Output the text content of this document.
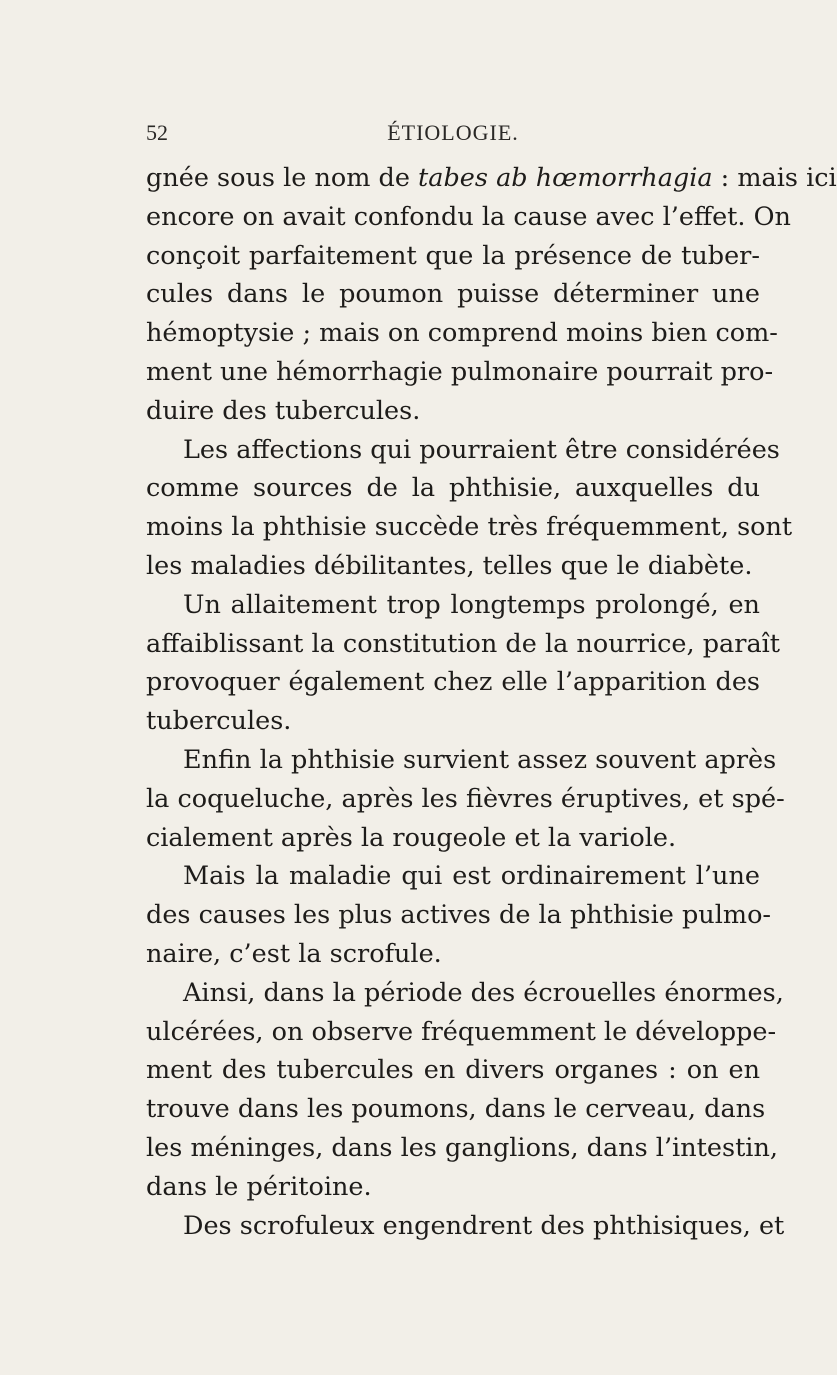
52	ÉTIOLOGIE.
gnée sous le nom de tabes ab hœmorrhagia : mais ici
encore on avait confondu la cause avec l’effet. On
conçoit parfaitement que la présence de tuber-
cules dans le poumon puisse déterminer une
hémoptysie ; mais on comprend moins bien com-
ment une hémorrhagie pulmonaire pourrait pro-
duire des tubercules.
Les affections qui pourraient être considérées
comme sources de la phthisie, auxquelles du
moins la phthisie succède très fréquemment, sont
les maladies débilitantes, telles que le diabète.
Un allaitement trop longtemps prolongé, en
affaiblissant la constitution de la nourrice, paraît
provoquer également chez elle l’apparition des
tubercules.
Enfin la phthisie survient assez souvent après
la coqueluche, après les fièvres éruptives, et spé-
cialement après la rougeole et la variole.
Mais la maladie qui est ordinairement l’une
des causes les plus actives de la phthisie pulmo-
naire, c’est la scrofule.
Ainsi, dans la période des écrouelles énormes,
ulcérées, on observe fréquemment le développe-
ment des tubercules en divers organes : on en
trouve dans les poumons, dans le cerveau, dans
les méninges, dans les ganglions, dans l’intestin,
dans le péritoine.
Des scrofuleux engendrent des phthisiques, et
